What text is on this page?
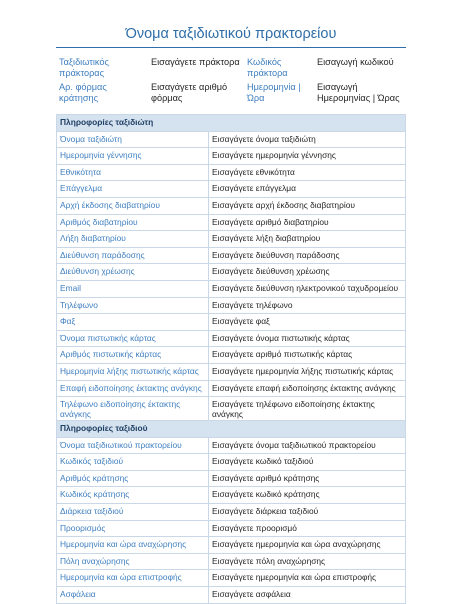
Όνομα ταξιδιωτικού πρακτορείου
Ταξιδιωτικός πράκτορας	Εισαγάγετε πράκτορα	Κωδικός πράκτορα	Εισαγωγή κωδικού
Αρ. φόρμας κράτησης	Εισαγάγετε αριθμό φόρμας	Ημερομηνία | Ώρα	Εισαγωγή Ημερομηνίας | Ώρας
Πληροφορίες ταξιδιώτη	
Όνομα ταξιδιώτη	Εισαγάγετε όνομα ταξιδιώτη
Ημερομηνία γέννησης	Εισαγάγετε ημερομηνία γέννησης
Εθνικότητα	Εισαγάγετε εθνικότητα
Επάγγελμα	Εισαγάγετε επάγγελμα
Αρχή έκδοσης διαβατηρίου	Εισαγάγετε αρχή έκδοσης διαβατηρίου
Αριθμός διαβατηρίου	Εισαγάγετε αριθμό διαβατηρίου
Λήξη διαβατηρίου	Εισαγάγετε λήξη διαβατηρίου
Διεύθυνση παράδοσης	Εισαγάγετε διεύθυνση παράδοσης
Διεύθυνση χρέωσης	Εισαγάγετε διεύθυνση χρέωσης
Email	Εισαγάγετε διεύθυνση ηλεκτρονικού ταχυδρομείου
Τηλέφωνο	Εισαγάγετε τηλέφωνο
Φαξ	Εισαγάγετε φαξ
Όνομα πιστωτικής κάρτας	Εισαγάγετε όνομα πιστωτικής κάρτας
Αριθμός πιστωτικής κάρτας	Εισαγάγετε αριθμό πιστωτικής κάρτας
Ημερομηνία λήξης πιστωτικής κάρτας	Εισαγάγετε ημερομηνία λήξης πιστωτικής κάρτας
Επαφή ειδοποίησης έκτακτης ανάγκης	Εισαγάγετε επαφή ειδοποίησης έκτακτης ανάγκης
Τηλέφωνο ειδοποίησης έκτακτης ανάγκης	Εισαγάγετε τηλέφωνο ειδοποίησης έκτακτης ανάγκης
Πληροφορίες ταξιδιού	
Όνομα ταξιδιωτικού πρακτορείου	Εισαγάγετε όνομα ταξιδιωτικού πρακτορείου
Κωδικός ταξιδιού	Εισαγάγετε κωδικό ταξιδιού
Αριθμός κράτησης	Εισαγάγετε αριθμό κράτησης
Κωδικός κράτησης	Εισαγάγετε κωδικό κράτησης
Διάρκεια ταξιδιού	Εισαγάγετε διάρκεια ταξιδιού
Προορισμός	Εισαγάγετε προορισμό
Ημερομηνία και ώρα αναχώρησης	Εισαγάγετε ημερομηνία και ώρα αναχώρησης
Πόλη αναχώρησης	Εισαγάγετε πόλη αναχώρησης
Ημερομηνία και ώρα επιστροφής	Εισαγάγετε ημερομηνία και ώρα επιστροφής
Ασφάλεια	Εισαγάγετε ασφάλεια
